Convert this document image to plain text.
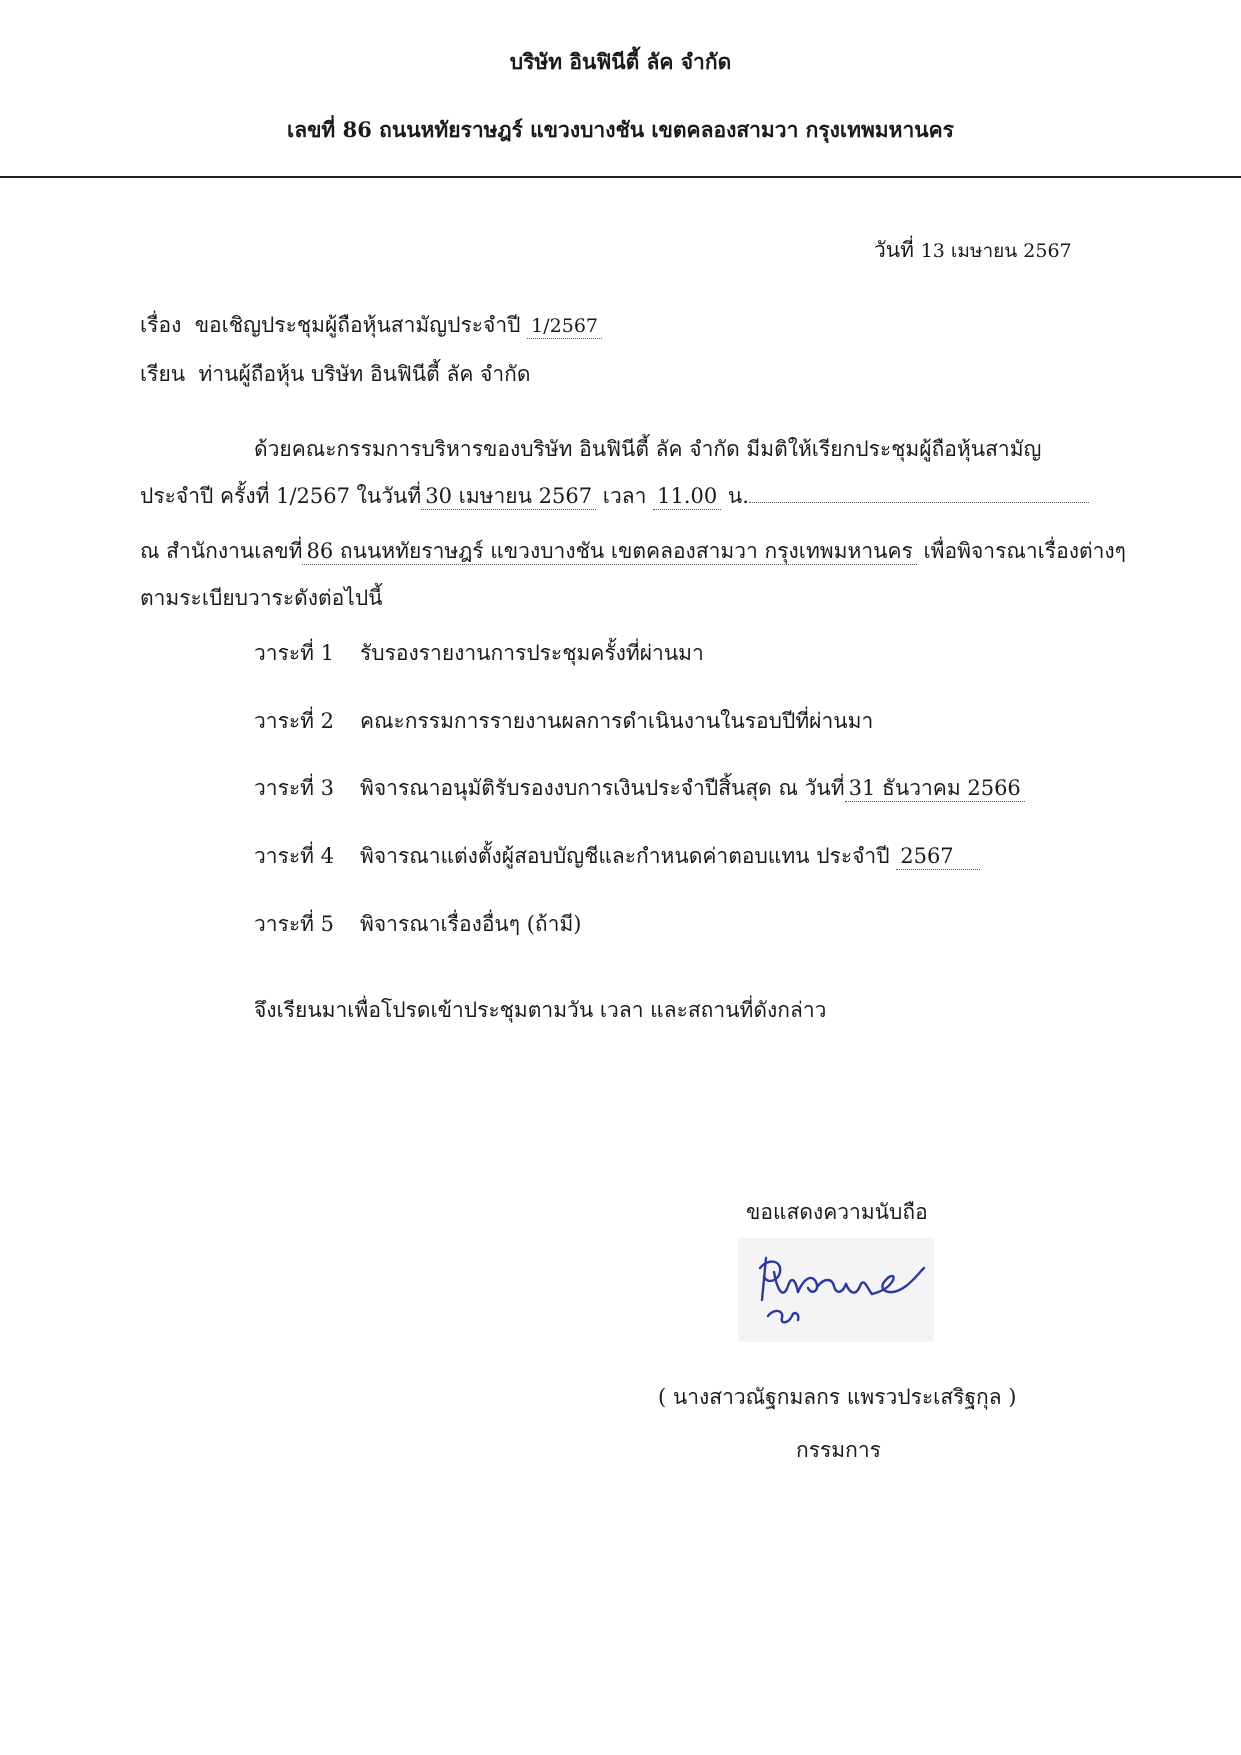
บริษัท อินฟินีตี้ ลัค จำกัด
เลขที่ 86 ถนนหทัยราษฎร์ แขวงบางชัน เขตคลองสามวา กรุงเทพมหานคร
วันที่ 13 เมษายน 2567
เรื่อง ขอเชิญประชุมผู้ถือหุ้นสามัญประจำปี 1/2567
เรียน ท่านผู้ถือหุ้น บริษัท อินฟินีตี้ ลัค จำกัด
ด้วยคณะกรรมการบริหารของบริษัท อินฟินีตี้ ลัค จำกัด มีมติให้เรียกประชุมผู้ถือหุ้นสามัญ
ประจำปี ครั้งที่ 1/2567 ในวันที่ 30 เมษายน 2567 เวลา 11.00 น.
ณ สำนักงานเลขที่ 86 ถนนหทัยราษฎร์ แขวงบางชัน เขตคลองสามวา กรุงเทพมหานคร เพื่อพิจารณาเรื่องต่างๆ
ตามระเบียบวาระดังต่อไปนี้
วาระที่ 1 รับรองรายงานการประชุมครั้งที่ผ่านมา
วาระที่ 2 คณะกรรมการรายงานผลการดำเนินงานในรอบปีที่ผ่านมา
วาระที่ 3 พิจารณาอนุมัติรับรองงบการเงินประจำปีสิ้นสุด ณ วันที่ 31 ธันวาคม 2566
วาระที่ 4 พิจารณาแต่งตั้งผู้สอบบัญชีและกำหนดค่าตอบแทน ประจำปี 2567
วาระที่ 5 พิจารณาเรื่องอื่นๆ (ถ้ามี)
จึงเรียนมาเพื่อโปรดเข้าประชุมตามวัน เวลา และสถานที่ดังกล่าว
ขอแสดงความนับถือ
( นางสาวณัฐกมลกร แพรวประเสริฐกุล )
กรรมการ
